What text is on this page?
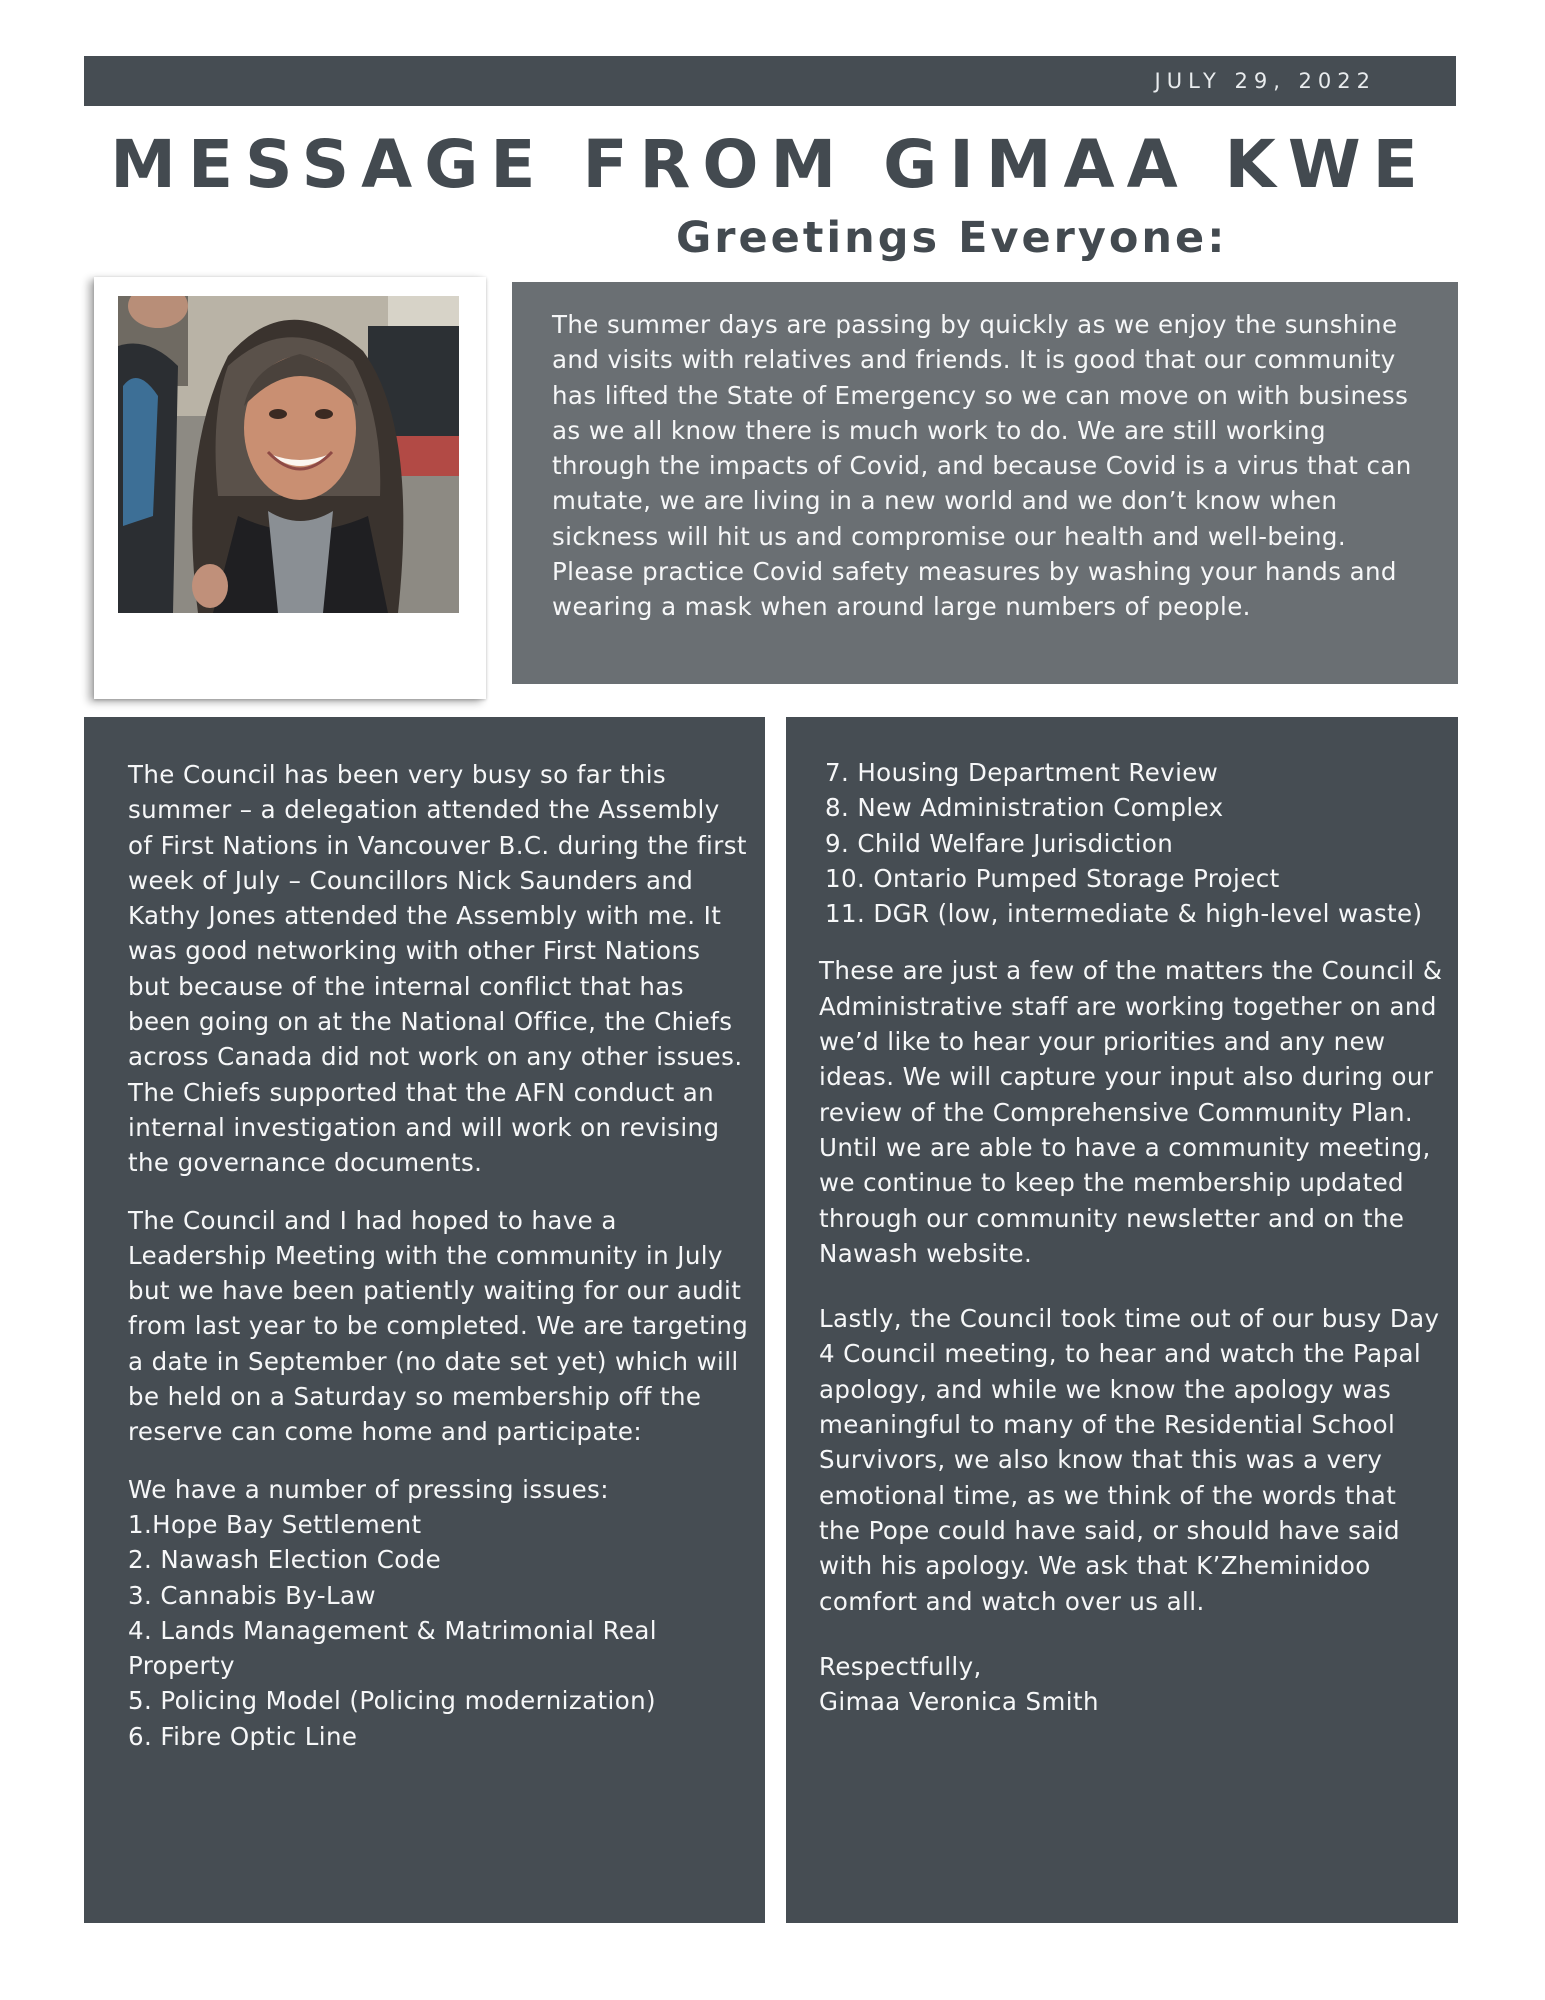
JULY 29, 2022
MESSAGE FROM GIMAA KWE
Greetings Everyone:

The summer days are passing by quickly as we enjoy the sunshine and visits with relatives and friends. It is good that our community has lifted the State of Emergency so we can move on with business as we all know there is much work to do. We are still working through the impacts of Covid, and because Covid is a virus that can mutate, we are living in a new world and we don’t know when sickness will hit us and compromise our health and well-being. Please practice Covid safety measures by washing your hands and wearing a mask when around large numbers of people.

The Council has been very busy so far this summer – a delegation attended the Assembly of First Nations in Vancouver B.C. during the first week of July – Councillors Nick Saunders and Kathy Jones attended the Assembly with me. It was good networking with other First Nations but because of the internal conflict that has been going on at the National Office, the Chiefs across Canada did not work on any other issues. The Chiefs supported that the AFN conduct an internal investigation and will work on revising the governance documents.

The Council and I had hoped to have a Leadership Meeting with the community in July but we have been patiently waiting for our audit from last year to be completed. We are targeting a date in September (no date set yet) which will be held on a Saturday so membership off the reserve can come home and participate:

We have a number of pressing issues:

1.Hope Bay Settlement
2. Nawash Election Code
3. Cannabis By-Law
4. Lands Management & Matrimonial Real Property
5. Policing Model (Policing modernization)
6. Fibre Optic Line
7. Housing Department Review
8. New Administration Complex
9. Child Welfare Jurisdiction
10. Ontario Pumped Storage Project
11. DGR (low, intermediate & high-level waste)

These are just a few of the matters the Council & Administrative staff are working together on and we’d like to hear your priorities and any new ideas. We will capture your input also during our review of the Comprehensive Community Plan. Until we are able to have a community meeting, we continue to keep the membership updated through our community newsletter and on the Nawash website.

Lastly, the Council took time out of our busy Day 4 Council meeting, to hear and watch the Papal apology, and while we know the apology was meaningful to many of the Residential School Survivors, we also know that this was a very emotional time, as we think of the words that the Pope could have said, or should have said with his apology. We ask that K’Zheminidoo comfort and watch over us all.

Respectfully,

Gimaa Veronica Smith
